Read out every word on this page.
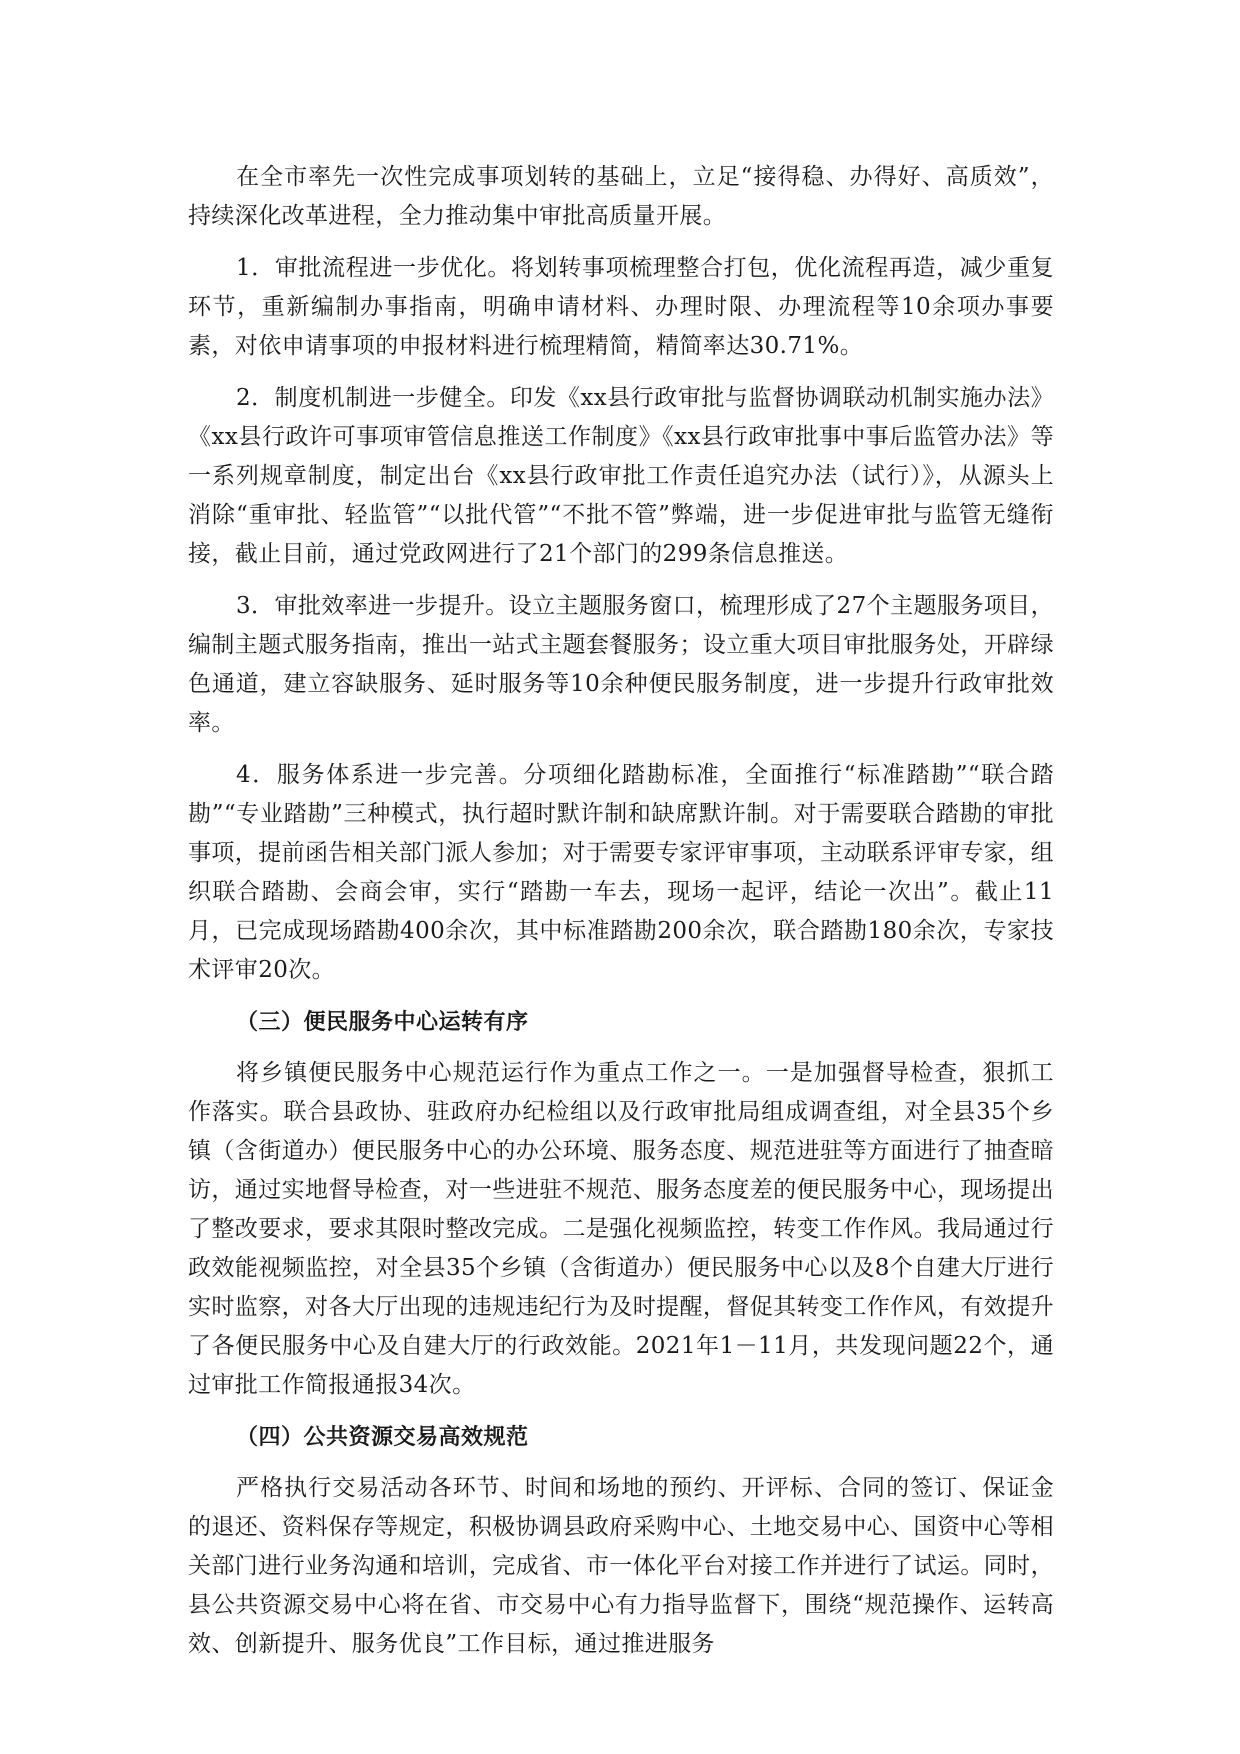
在全市率先一次性完成事项划转的基础上，立足“接得稳、办得好、高质效”，持续深化改革进程，全力推动集中审批高质量开展。

1．审批流程进一步优化。将划转事项梳理整合打包，优化流程再造，减少重复环节，重新编制办事指南，明确申请材料、办理时限、办理流程等10余项办事要素，对依申请事项的申报材料进行梳理精简，精简率达30.71%。

2．制度机制进一步健全。印发《xx县行政审批与监督协调联动机制实施办法》《xx县行政许可事项审管信息推送工作制度》《xx县行政审批事中事后监管办法》等一系列规章制度，制定出台《xx县行政审批工作责任追究办法（试行）》，从源头上消除“重审批、轻监管”“以批代管”“不批不管”弊端，进一步促进审批与监管无缝衔接，截止目前，通过党政网进行了21个部门的299条信息推送。

3．审批效率进一步提升。设立主题服务窗口，梳理形成了27个主题服务项目，编制主题式服务指南，推出一站式主题套餐服务；设立重大项目审批服务处，开辟绿色通道，建立容缺服务、延时服务等10余种便民服务制度，进一步提升行政审批效率。

4．服务体系进一步完善。分项细化踏勘标准，全面推行“标准踏勘”“联合踏勘”“专业踏勘”三种模式，执行超时默许制和缺席默许制。对于需要联合踏勘的审批事项，提前函告相关部门派人参加；对于需要专家评审事项，主动联系评审专家，组织联合踏勘、会商会审，实行“踏勘一车去，现场一起评，结论一次出”。截止11月，已完成现场踏勘400余次，其中标准踏勘200余次，联合踏勘180余次，专家技术评审20次。

（三）便民服务中心运转有序

将乡镇便民服务中心规范运行作为重点工作之一。一是加强督导检查，狠抓工作落实。联合县政协、驻政府办纪检组以及行政审批局组成调查组，对全县35个乡镇（含街道办）便民服务中心的办公环境、服务态度、规范进驻等方面进行了抽查暗访，通过实地督导检查，对一些进驻不规范、服务态度差的便民服务中心，现场提出了整改要求，要求其限时整改完成。二是强化视频监控，转变工作作风。我局通过行政效能视频监控，对全县35个乡镇（含街道办）便民服务中心以及8个自建大厅进行实时监察，对各大厅出现的违规违纪行为及时提醒，督促其转变工作作风，有效提升了各便民服务中心及自建大厅的行政效能。2021年1－11月，共发现问题22个，通过审批工作简报通报34次。

（四）公共资源交易高效规范

严格执行交易活动各环节、时间和场地的预约、开评标、合同的签订、保证金的退还、资料保存等规定，积极协调县政府采购中心、土地交易中心、国资中心等相关部门进行业务沟通和培训，完成省、市一体化平台对接工作并进行了试运。同时，县公共资源交易中心将在省、市交易中心有力指导监督下，围绕“规范操作、运转高效、创新提升、服务优良”工作目标，通过推进服务
